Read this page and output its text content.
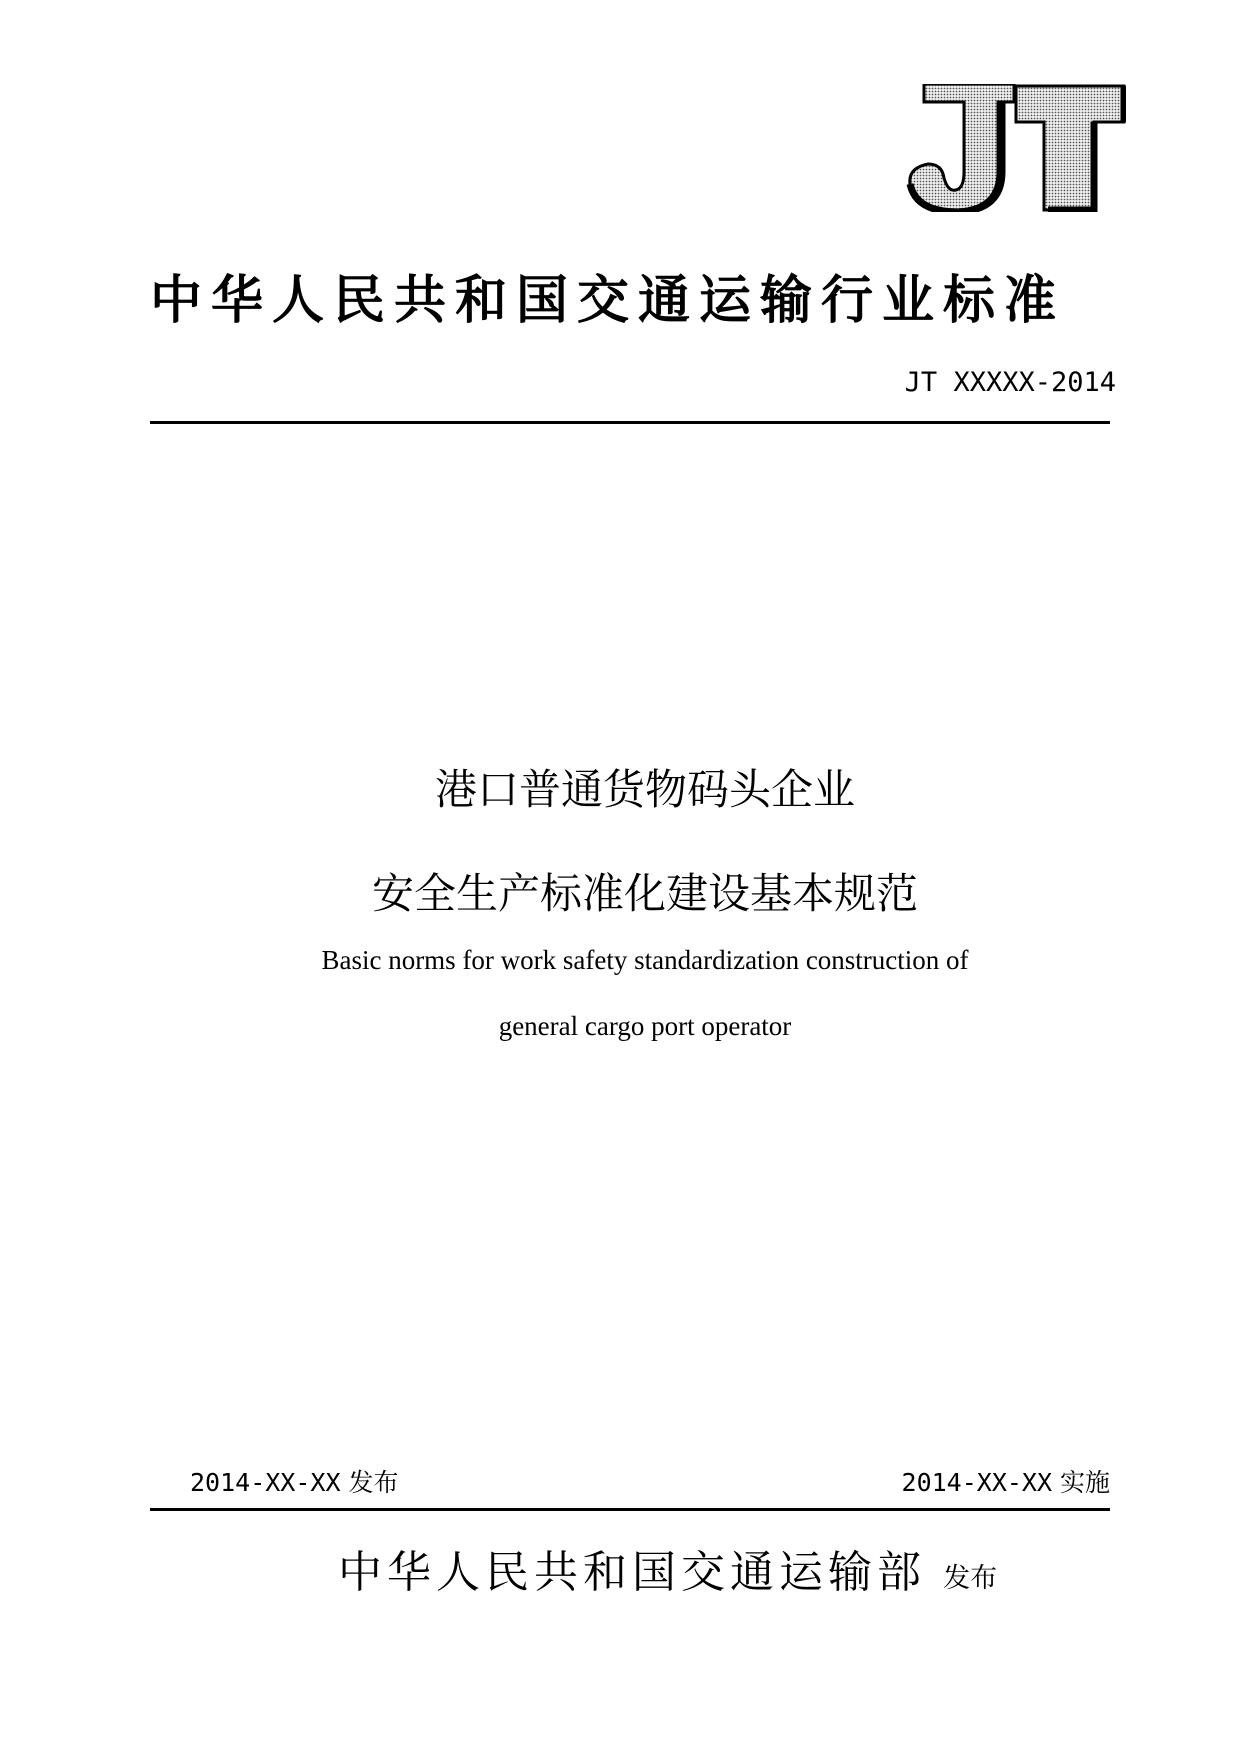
中华人民共和国交通运输行业标准
JT XXXXX-2014
港口普通货物码头企业
安全生产标准化建设基本规范
Basic norms for work safety standardization construction of
general cargo port operator
2014-XX-XX 发布	2014-XX-XX 实施
中华人民共和国交通运输部 发布
